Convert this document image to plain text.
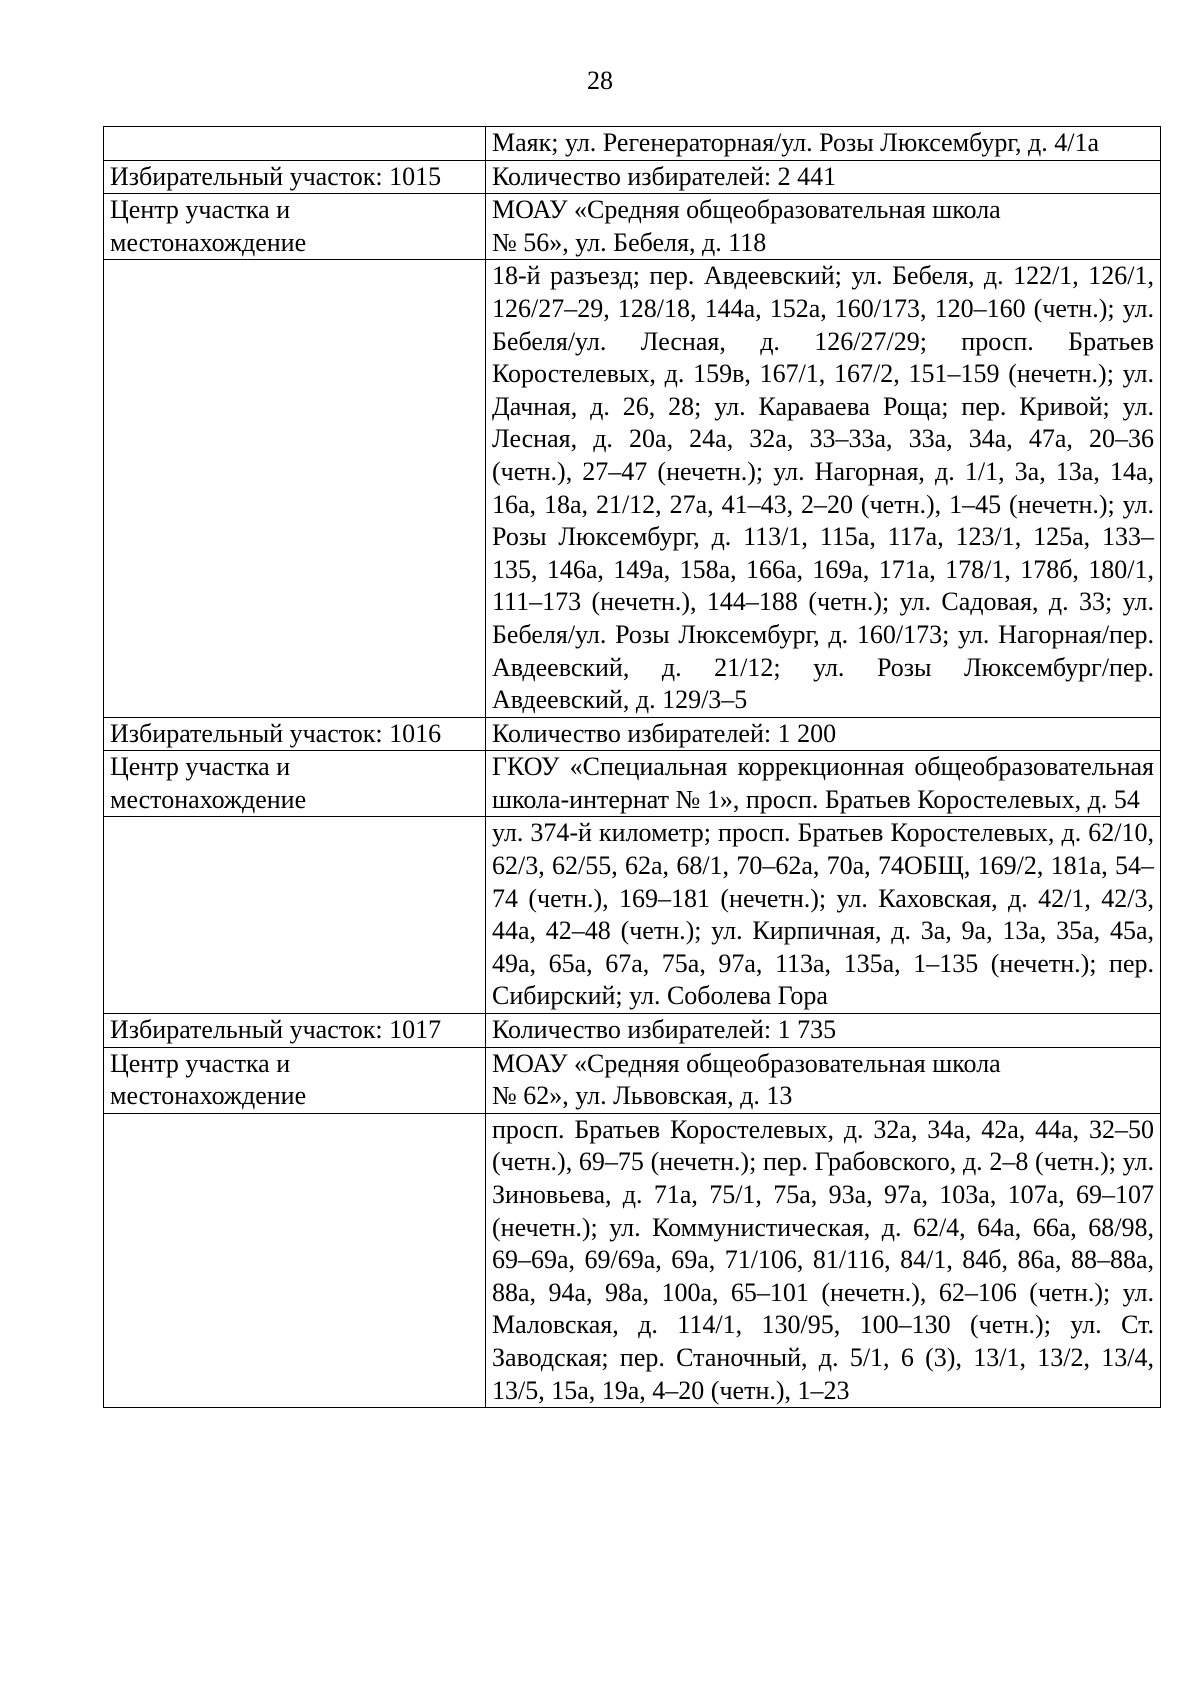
28
	Маяк; ул. Регенераторная/ул. Розы Люксембург, д. 4/1а
Избирательный участок: 1015	Количество избирателей: 2 441

Центр участка и
местонахождение	МОАУ «Средняя общеобразовательная школа
№ 56», ул. Бебеля, д. 118

	18-й разъезд; пер. Авдеевский; ул. Бебеля, д. 122/1, 126/1, 126/27–29, 128/18, 144а, 152а, 160/173, 120–160 (четн.); ул. Бебеля/ул. Лесная, д. 126/27/29; просп. Братьев Коростелевых, д. 159в, 167/1, 167/2, 151–159 (нечетн.); ул. Дачная, д. 26, 28; ул. Караваева Роща; пер. Кривой; ул. Лесная, д. 20а, 24а, 32а, 33–33а, 33а, 34а, 47а, 20–36 (четн.), 27–47 (нечетн.); ул. Нагорная, д. 1/1, 3а, 13а, 14а, 16а, 18а, 21/12, 27а, 41–43, 2–20 (четн.), 1–45 (нечетн.); ул. Розы Люксембург, д. 113/1, 115а, 117а, 123/1, 125а, 133–135, 146а, 149а, 158а, 166а, 169а, 171а, 178/1, 178б, 180/1, 111–173 (нечетн.), 144–188 (четн.); ул. Садовая, д. 33; ул. Бебеля/ул. Розы Люксембург, д. 160/173; ул. Нагорная/пер. Авдеевский, д. 21/12; ул. Розы Люксембург/пер. Авдеевский, д. 129/3–5
Избирательный участок: 1016	Количество избирателей: 1 200

Центр участка и
местонахождение	ГКОУ «Специальная коррекционная общеобразовательная школа-интернат № 1», просп. Братьев Коростелевых, д. 54
	ул. 374-й километр; просп. Братьев Коростелевых, д. 62/10, 62/3, 62/55, 62а, 68/1, 70–62а, 70а, 74ОБЩ, 169/2, 181а, 54–74 (четн.), 169–181 (нечетн.); ул. Каховская, д. 42/1, 42/3, 44а, 42–48 (четн.); ул. Кирпичная, д. 3а, 9а, 13а, 35а, 45а, 49а, 65а, 67а, 75а, 97а, 113а, 135а, 1–135 (нечетн.); пер. Сибирский; ул. Соболева Гора
Избирательный участок: 1017	Количество избирателей: 1 735

Центр участка и
местонахождение	МОАУ «Средняя общеобразовательная школа
№ 62», ул. Львовская, д. 13

	просп. Братьев Коростелевых, д. 32а, 34а, 42а, 44а, 32–50 (четн.), 69–75 (нечетн.); пер. Грабовского, д. 2–8 (четн.); ул. Зиновьева, д. 71а, 75/1, 75а, 93а, 97а, 103а, 107а, 69–107 (нечетн.); ул. Коммунистическая, д. 62/4, 64а, 66а, 68/98, 69–69а, 69/69а, 69а, 71/106, 81/116, 84/1, 84б, 86а, 88–88а, 88а, 94а, 98а, 100а, 65–101 (нечетн.), 62–106 (четн.); ул. Маловская, д. 114/1, 130/95, 100–130 (четн.); ул. Ст. Заводская; пер. Станочный, д. 5/1, 6 (3), 13/1, 13/2, 13/4, 13/5, 15а, 19а, 4–20 (четн.), 1–23
